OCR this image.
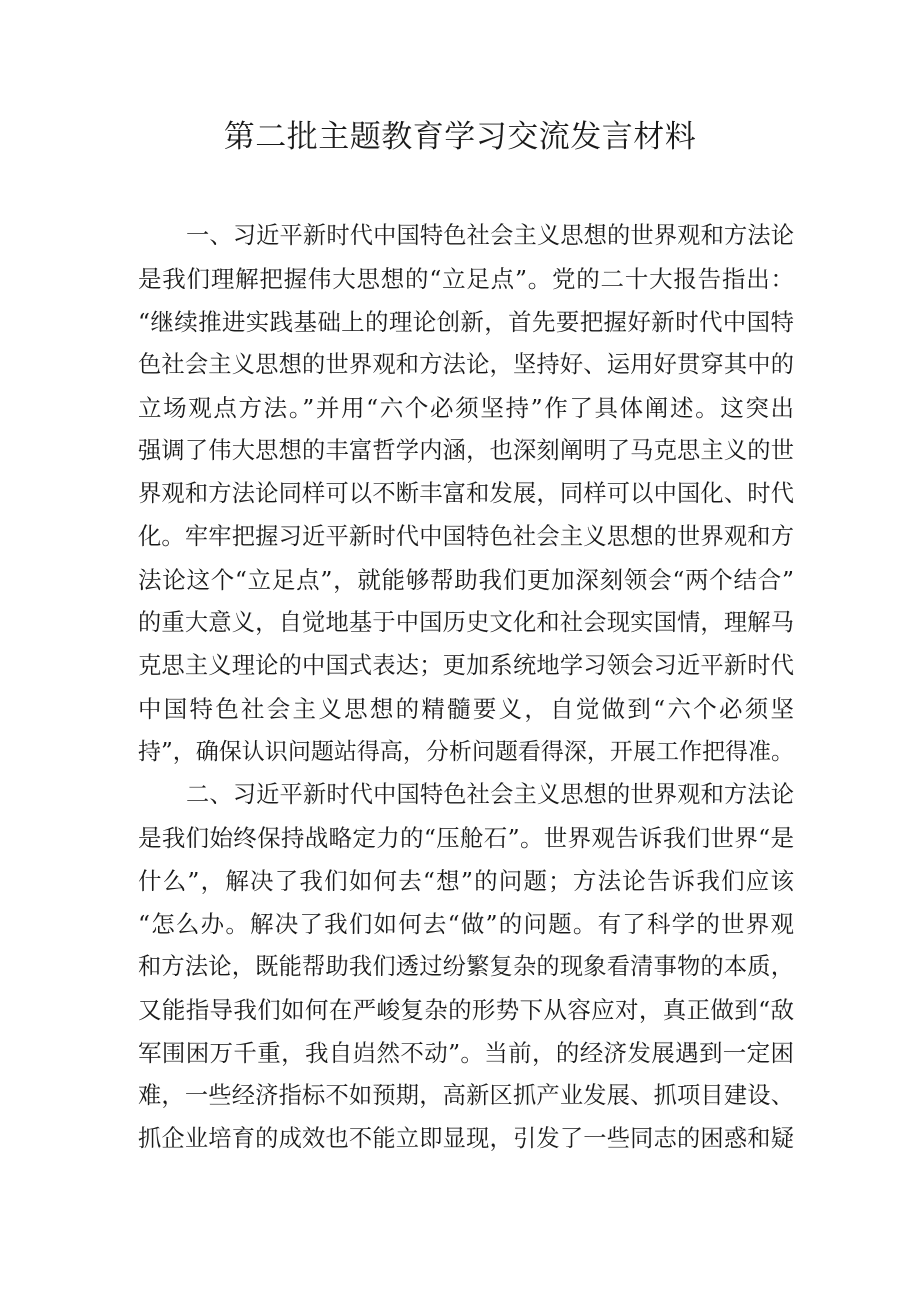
第二批主题教育学习交流发言材料
一、习近平新时代中国特色社会主义思想的世界观和方法论
是我们理解把握伟大思想的“立足点”。党的二十大报告指出：
“继续推进实践基础上的理论创新，首先要把握好新时代中国特
色社会主义思想的世界观和方法论，坚持好、运用好贯穿其中的
立场观点方法。”并用“六个必须坚持”作了具体阐述。这突出
强调了伟大思想的丰富哲学内涵，也深刻阐明了马克思主义的世
界观和方法论同样可以不断丰富和发展，同样可以中国化、时代
化。牢牢把握习近平新时代中国特色社会主义思想的世界观和方
法论这个“立足点”，就能够帮助我们更加深刻领会“两个结合”
的重大意义，自觉地基于中国历史文化和社会现实国情，理解马
克思主义理论的中国式表达；更加系统地学习领会习近平新时代
中国特色社会主义思想的精髓要义，自觉做到“六个必须坚
持”，确保认识问题站得高，分析问题看得深，开展工作把得准。
二、习近平新时代中国特色社会主义思想的世界观和方法论
是我们始终保持战略定力的“压舱石”。世界观告诉我们世界“是
什么”，解决了我们如何去“想”的问题；方法论告诉我们应该
“怎么办。解决了我们如何去“做”的问题。有了科学的世界观
和方法论，既能帮助我们透过纷繁复杂的现象看清事物的本质，
又能指导我们如何在严峻复杂的形势下从容应对，真正做到“敌
军围困万千重，我自岿然不动”。当前，的经济发展遇到一定困
难，一些经济指标不如预期，高新区抓产业发展、抓项目建设、
抓企业培育的成效也不能立即显现，引发了一些同志的困惑和疑
